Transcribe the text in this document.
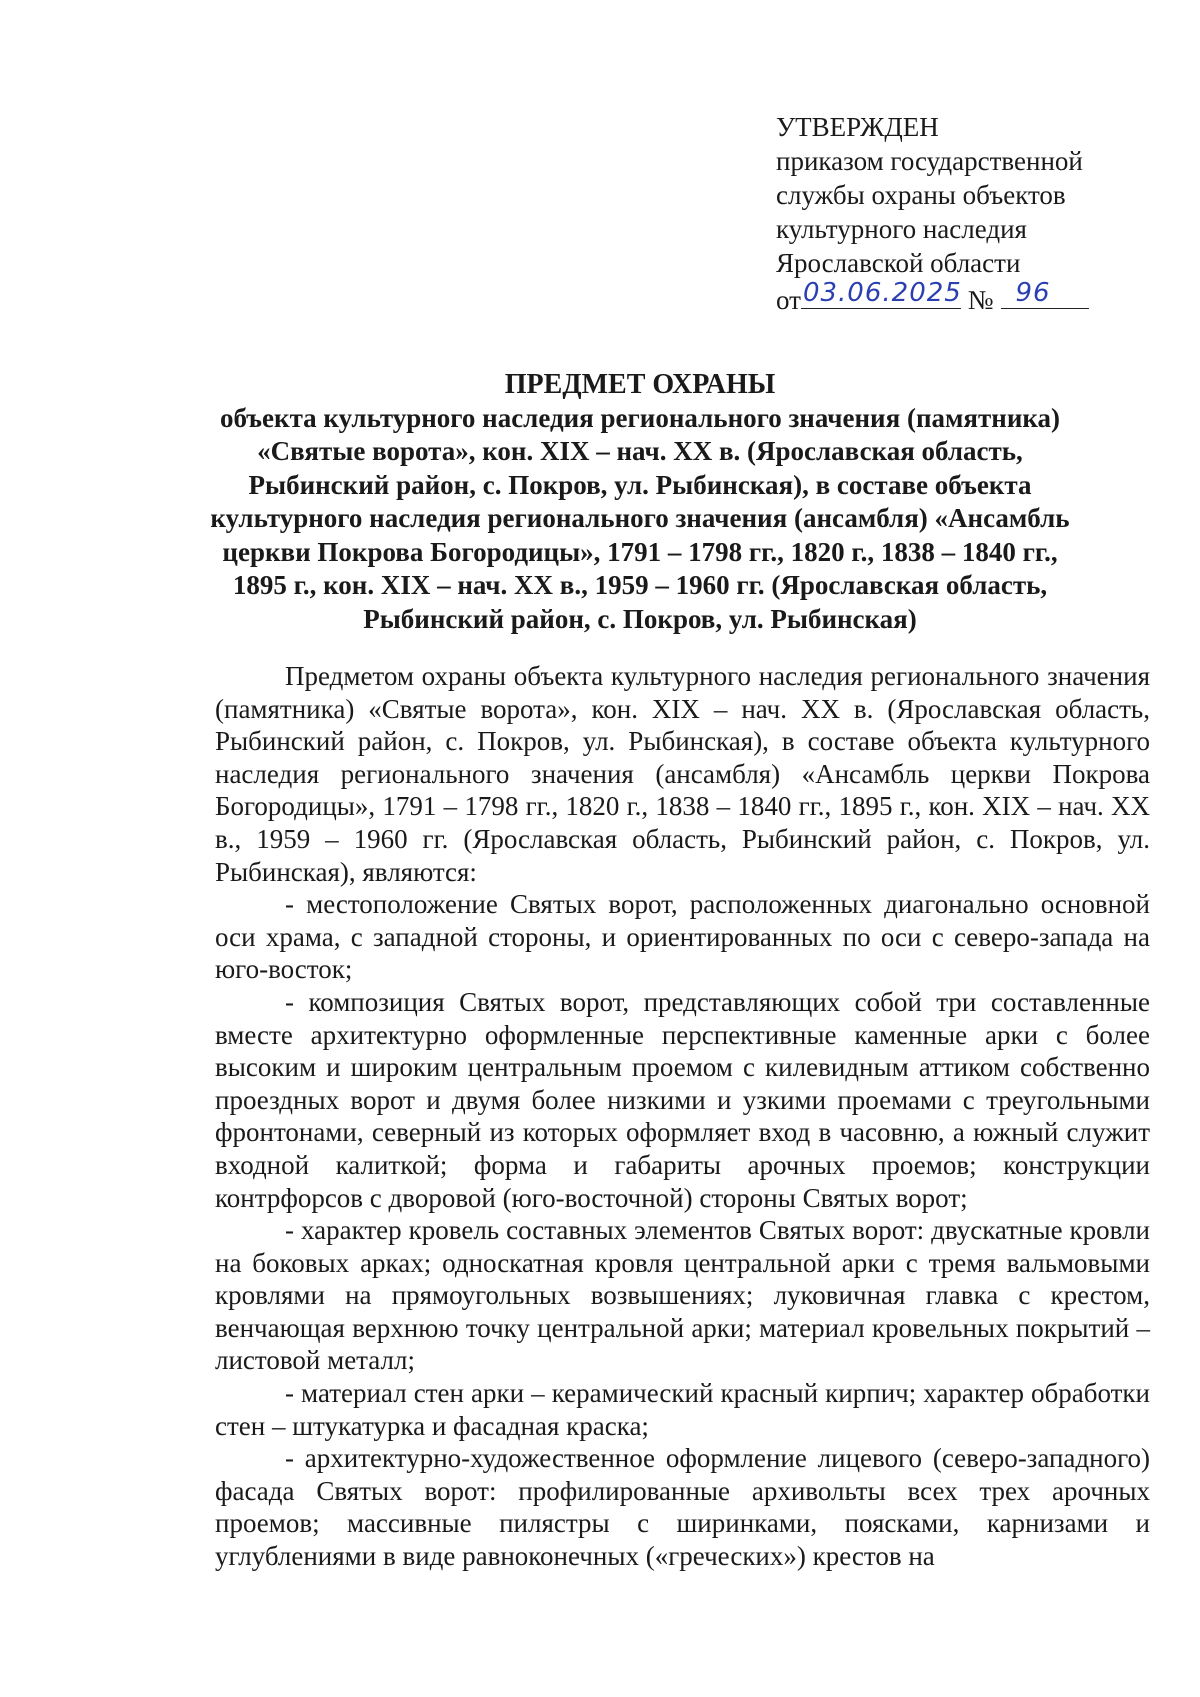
УТВЕРЖДЕН
приказом государственной
службы охраны объектов
культурного наследия
Ярославской области
от 03.06.2025 № 96
ПРЕДМЕТ ОХРАНЫ
объекта культурного наследия регионального значения (памятника)
«Святые ворота», кон. XIX – нач. XX в. (Ярославская область,
Рыбинский район, с. Покров, ул. Рыбинская), в составе объекта
культурного наследия регионального значения (ансамбля) «Ансамбль
церкви Покрова Богородицы», 1791 – 1798 гг., 1820 г., 1838 – 1840 гг.,
1895 г., кон. XIX – нач. XX в., 1959 – 1960 гг. (Ярославская область,
Рыбинский район, с. Покров, ул. Рыбинская)

Предметом охраны объекта культурного наследия регионального значения (памятника) «Святые ворота», кон. XIX – нач. XX в. (Ярославская область, Рыбинский район, с. Покров, ул. Рыбинская), в составе объекта культурного наследия регионального значения (ансамбля) «Ансамбль церкви Покрова Богородицы», 1791 – 1798 гг., 1820 г., 1838 – 1840 гг., 1895 г., кон. XIX – нач. XX в., 1959 – 1960 гг. (Ярославская область, Рыбинский район, с. Покров, ул. Рыбинская), являются:

- местоположение Святых ворот, расположенных диагонально основной оси храма, с западной стороны, и ориентированных по оси с северо-запада на юго-восток;

- композиция Святых ворот, представляющих собой три составленные вместе архитектурно оформленные перспективные каменные арки с более высоким и широким центральным проемом с килевидным аттиком собственно проездных ворот и двумя более низкими и узкими проемами с треугольными фронтонами, северный из которых оформляет вход в часовню, а южный служит входной калиткой; форма и габариты арочных проемов; конструкции контрфорсов с дворовой (юго-восточной) стороны Святых ворот;

- характер кровель составных элементов Святых ворот: двускатные кровли на боковых арках; односкатная кровля центральной арки с тремя вальмовыми кровлями на прямоугольных возвышениях; луковичная главка с крестом, венчающая верхнюю точку центральной арки; материал кровельных покрытий – листовой металл;

- материал стен арки – керамический красный кирпич; характер обработки стен – штукатурка и фасадная краска;

- архитектурно-художественное оформление лицевого (северо-западного) фасада Святых ворот: профилированные архивольты всех трех арочных проемов; массивные пилястры с ширинками, поясками, карнизами и углублениями в виде равноконечных («греческих») крестов на
